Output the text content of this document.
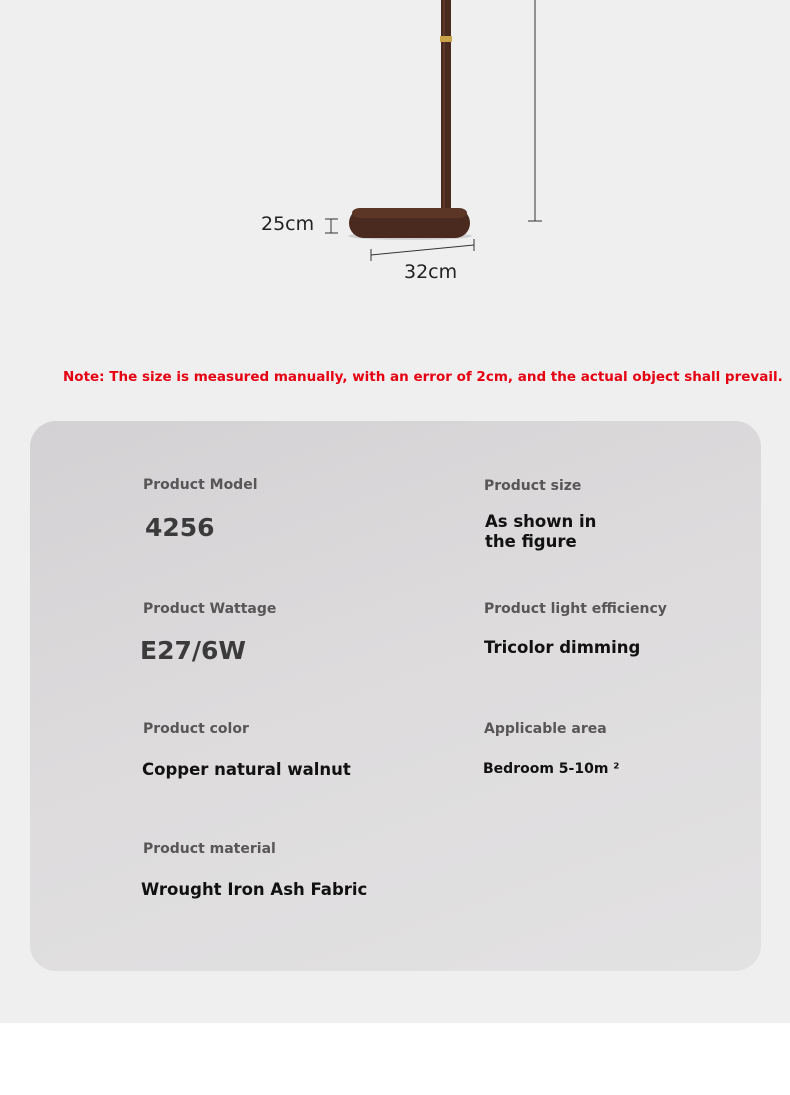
25cm
32cm
Note: The size is measured manually, with an error of 2cm, and the actual object shall prevail.
Product Model
4256
Product Wattage
E27/6W
Product color
Copper natural walnut
Product material
Wrought Iron Ash Fabric
Product size
As shown in the figure
Product light efficiency
Tricolor dimming
Applicable area
Bedroom 5-10m ²
